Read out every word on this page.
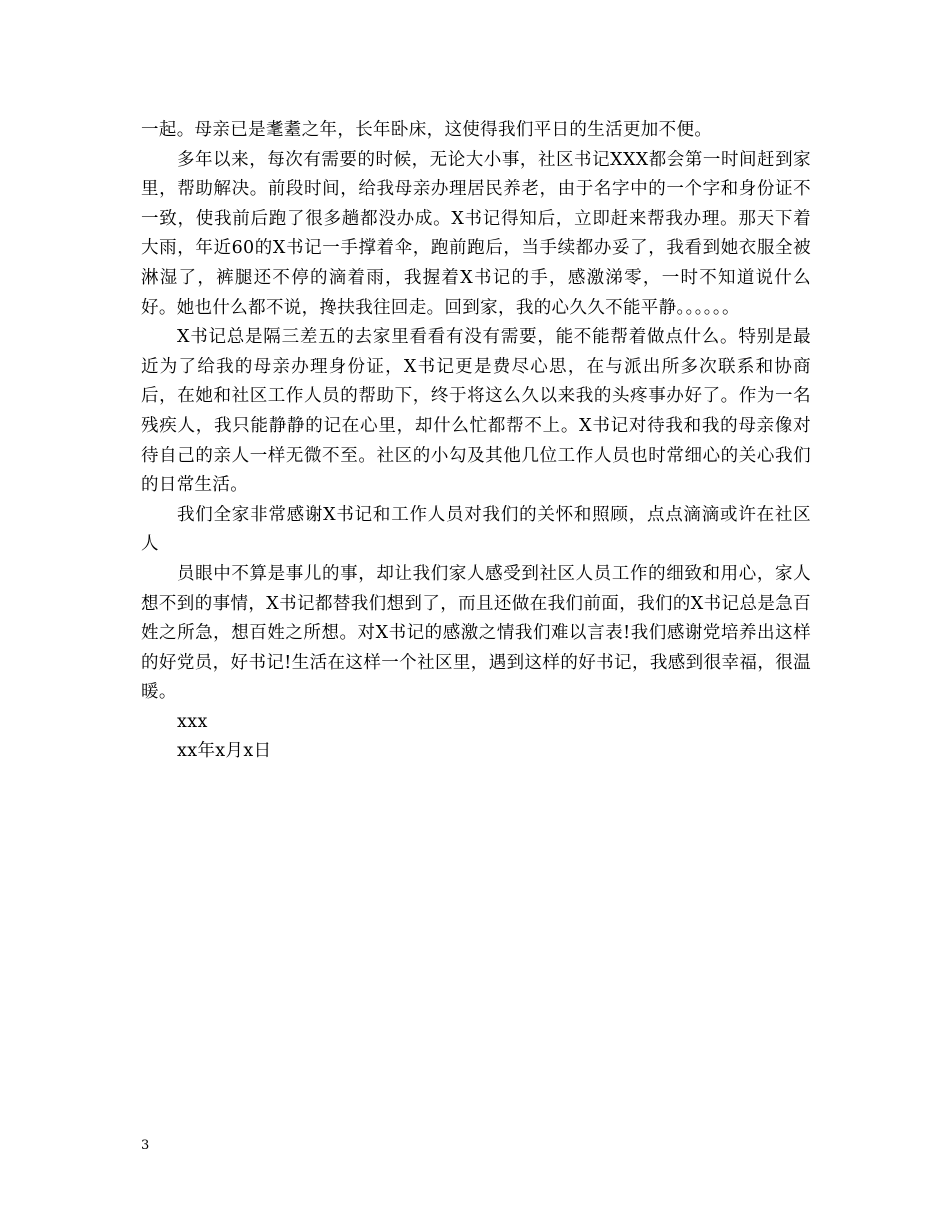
一起。母亲已是耄耋之年，长年卧床，这使得我们平日的生活更加不便。

多年以来，每次有需要的时候，无论大小事，社区书记XXX都会第一时间赶到家里，帮助解决。前段时间，给我母亲办理居民养老，由于名字中的一个字和身份证不一致，使我前后跑了很多趟都没办成。X书记得知后，立即赶来帮我办理。那天下着大雨，年近60的X书记一手撑着伞，跑前跑后，当手续都办妥了，我看到她衣服全被淋湿了，裤腿还不停的滴着雨，我握着X书记的手，感激涕零，一时不知道说什么好。她也什么都不说，搀扶我往回走。回到家，我的心久久不能平静。。。。。。

X书记总是隔三差五的去家里看看有没有需要，能不能帮着做点什么。特别是最近为了给我的母亲办理身份证，X书记更是费尽心思，在与派出所多次联系和协商后，在她和社区工作人员的帮助下，终于将这么久以来我的头疼事办好了。作为一名残疾人，我只能静静的记在心里，却什么忙都帮不上。X书记对待我和我的母亲像对待自己的亲人一样无微不至。社区的小勾及其他几位工作人员也时常细心的关心我们的日常生活。

我们全家非常感谢X书记和工作人员对我们的关怀和照顾，点点滴滴或许在社区人

员眼中不算是事儿的事，却让我们家人感受到社区人员工作的细致和用心，家人想不到的事情，X书记都替我们想到了，而且还做在我们前面，我们的X书记总是急百姓之所急，想百姓之所想。对X书记的感激之情我们难以言表!我们感谢党培养出这样的好党员，好书记!生活在这样一个社区里，遇到这样的好书记，我感到很幸福，很温暖。

xxx

xx年x月x日

3
